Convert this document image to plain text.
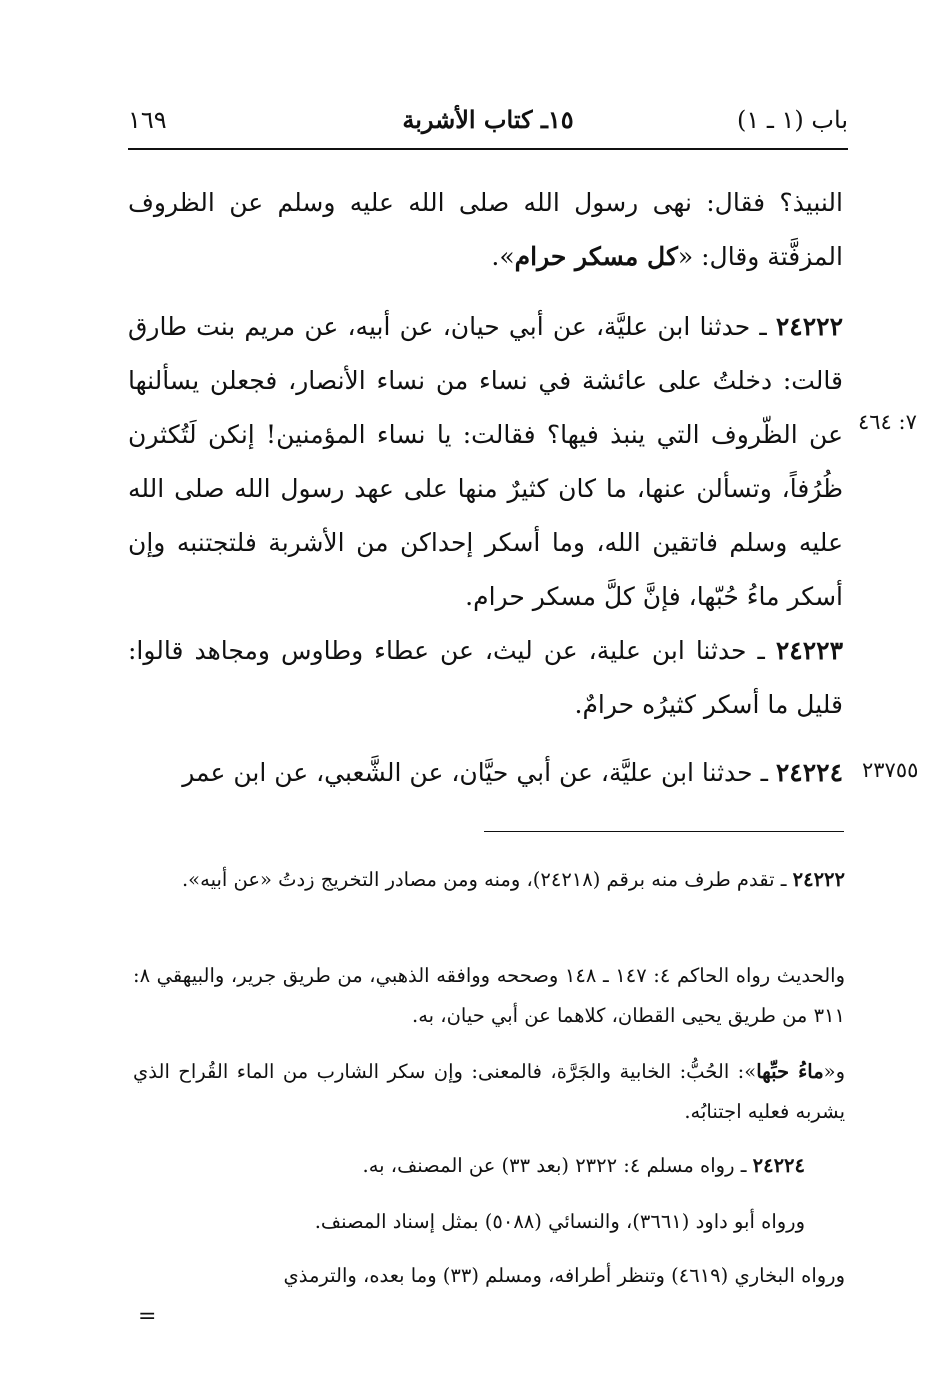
باب (١ ـ ١)
١٥ـ كتاب الأشربة
١٦٩
النبيذ؟ فقال: نهى رسول الله صلى الله عليه وسلم عن الظروف المزفَّتة وقال: «كل مسكر حرام».
٢٤٢٢٢ ـ حدثنا ابن عليَّة، عن أبي حيان، عن أبيه، عن مريم بنت طارق قالت: دخلتُ على عائشة في نساء من نساء الأنصار، فجعلن يسألنها عن الظّروف التي ينبذ فيها؟ فقالت: يا نساء المؤمنين! إنكن لَتُكثرن ظُرُفاً، وتسألن عنها، ما كان كثيرٌ منها على عهد رسول الله صلى الله عليه وسلم فاتقين الله، وما أسكر إحداكن من الأشربة فلتجتنبه وإن أسكر ماءُ حُبّها، فإنَّ كلَّ مسكر حرام.
٢٤٢٢٣ ـ حدثنا ابن علية، عن ليث، عن عطاء وطاوس ومجاهد قالوا: قليل ما أسكر كثيرُه حرامٌ.
٢٤٢٢٤ ـ حدثنا ابن عليَّة، عن أبي حيَّان، عن الشَّعبي، عن ابن عمر
٧: ٤٦٤
٢٣٧٥٥
٢٤٢٢٢ ـ تقدم طرف منه برقم (٢٤٢١٨)، ومنه ومن مصادر التخريج زدتُ «عن أبيه».
والحديث رواه الحاكم ٤: ١٤٧ ـ ١٤٨ وصححه ووافقه الذهبي، من طريق جرير، والبيهقي ٨: ٣١١ من طريق يحيى القطان، كلاهما عن أبي حيان، به.
و«ماءُ حبِّها»: الحُبُّ: الخابية والجَرَّة، فالمعنى: وإن سكر الشارب من الماء القُراح الذي يشربه فعليه اجتنابُه.
٢٤٢٢٤ ـ رواه مسلم ٤: ٢٣٢٢ (بعد ٣٣) عن المصنف، به.
ورواه أبو داود (٣٦٦١)، والنسائي (٥٠٨٨) بمثل إسناد المصنف.
ورواه البخاري (٤٦١٩) وتنظر أطرافه، ومسلم (٣٣) وما بعده، والترمذي
=
